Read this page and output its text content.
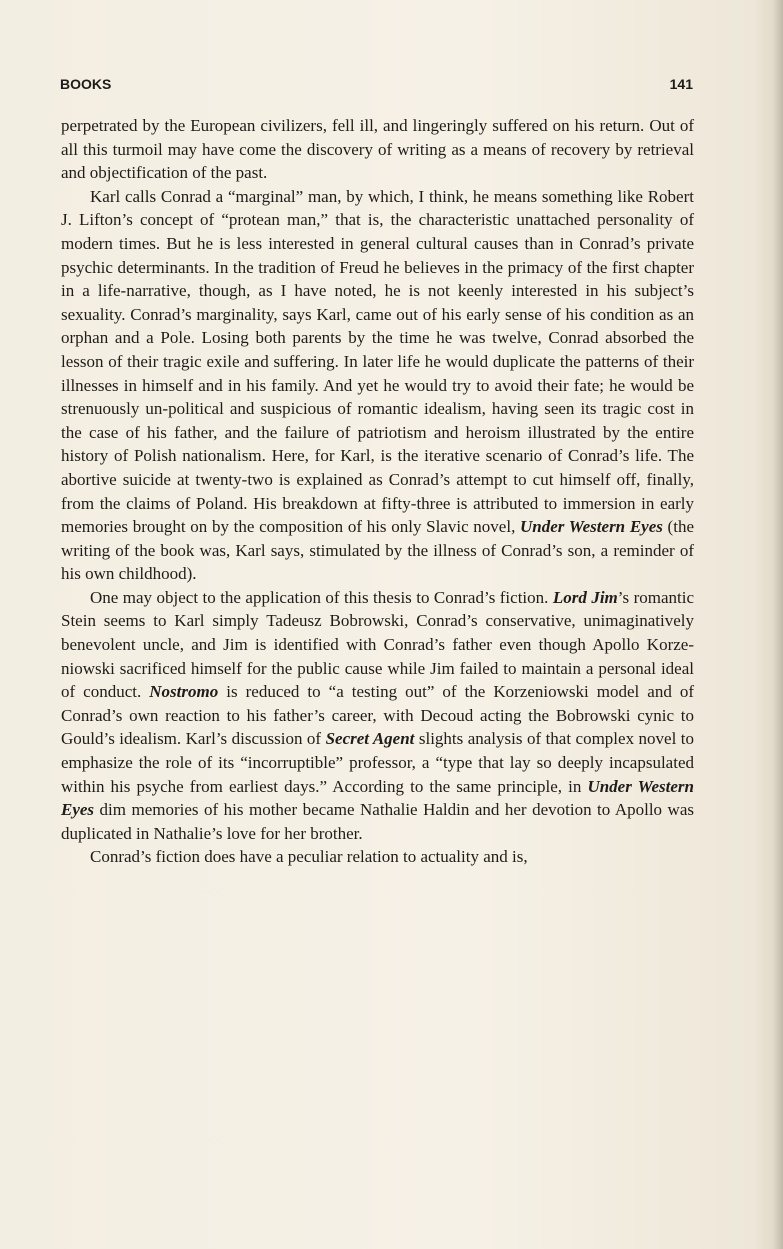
BOOKS	141

perpetrated by the European civilizers, fell ill, and lingeringly suffered on his return. Out of all this turmoil may have come the discovery of writing as a means of recovery by retrieval and objectification of the past.

Karl calls Conrad a “marginal” man, by which, I think, he means something like Robert J. Lifton’s concept of “protean man,” that is, the characteristic unattached personality of modern times. But he is less interested in general cultural causes than in Conrad’s private psychic determinants. In the tradition of Freud he believes in the primacy of the first chapter in a life-narrative, though, as I have noted, he is not keenly interested in his subject’s sexuality. Conrad’s marginality, says Karl, came out of his early sense of his condition as an orphan and a Pole. Losing both parents by the time he was twelve, Conrad absorbed the lesson of their tragic exile and suffering. In later life he would duplicate the patterns of their illnesses in himself and in his family. And yet he would try to avoid their fate; he would be strenuously un-political and suspicious of romantic idealism, having seen its tragic cost in the case of his father, and the failure of patriotism and heroism illustrated by the entire history of Polish nationalism. Here, for Karl, is the iterative scenario of Conrad’s life. The abortive suicide at twenty-two is explained as Conrad’s attempt to cut himself off, finally, from the claims of Poland. His breakdown at fifty-three is attributed to immersion in early memories brought on by the composition of his only Slavic novel, Under Western Eyes (the writing of the book was, Karl says, stimulated by the illness of Conrad’s son, a reminder of his own childhood).

One may object to the application of this thesis to Conrad’s fiction. Lord Jim’s romantic Stein seems to Karl simply Tadeusz Bobrowski, Conrad’s conservative, unimaginatively benevolent uncle, and Jim is identified with Conrad’s father even though Apollo Korze-niowski sacrificed himself for the public cause while Jim failed to maintain a personal ideal of conduct. Nostromo is reduced to “a testing out” of the Korzeniowski model and of Conrad’s own reaction to his father’s career, with Decoud acting the Bobrowski cynic to Gould’s idealism. Karl’s discussion of Secret Agent slights analysis of that complex novel to emphasize the role of its “incorruptible” professor, a “type that lay so deeply incapsulated within his psyche from earliest days.” According to the same principle, in Under Western Eyes dim memories of his mother became Nathalie Haldin and her devotion to Apollo was duplicated in Nathalie’s love for her brother.

Conrad’s fiction does have a peculiar relation to actuality and is,
